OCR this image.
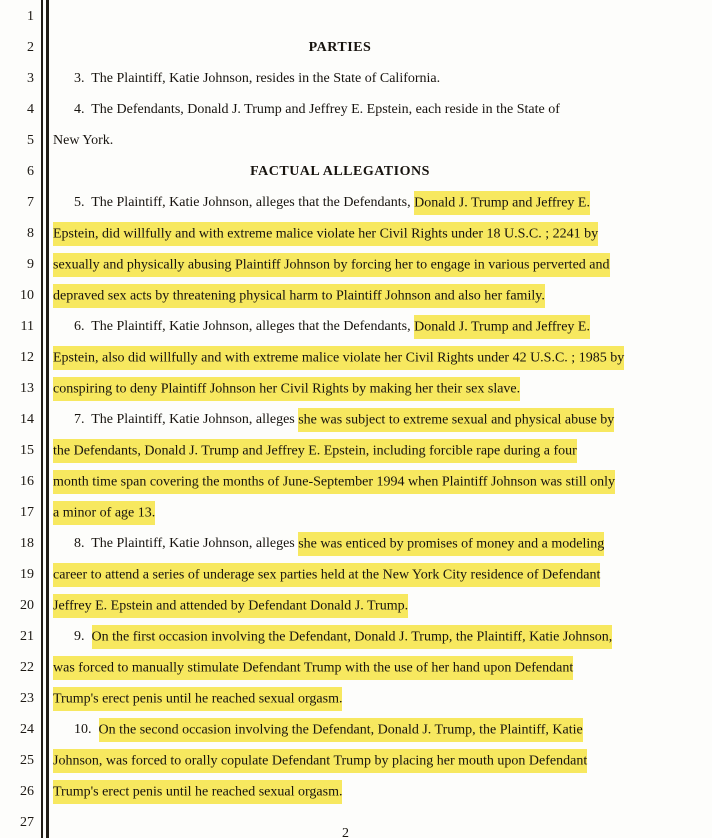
1
2	PARTIES
3	3.  The Plaintiff, Katie Johnson, resides in the State of California.
4	4.  The Defendants, Donald J. Trump and Jeffrey E. Epstein, each reside in the State of
5	New York.
6	FACTUAL ALLEGATIONS
7	5.  The Plaintiff, Katie Johnson, alleges that the Defendants, Donald J. Trump and Jeffrey E.
8	Epstein, did willfully and with extreme malice violate her Civil Rights under 18 U.S.C. ; 2241 by
9	sexually and physically abusing Plaintiff Johnson by forcing her to engage in various perverted and
10	depraved sex acts by threatening physical harm to Plaintiff Johnson and also her family.
11	6.  The Plaintiff, Katie Johnson, alleges that the Defendants, Donald J. Trump and Jeffrey E.
12	Epstein, also did willfully and with extreme malice violate her Civil Rights under 42 U.S.C. ; 1985 by
13	conspiring to deny Plaintiff Johnson her Civil Rights by making her their sex slave.
14	7.  The Plaintiff, Katie Johnson, alleges she was subject to extreme sexual and physical abuse by
15	the Defendants, Donald J. Trump and Jeffrey E. Epstein, including forcible rape during a four
16	month time span covering the months of June-September 1994 when Plaintiff Johnson was still only
17	a minor of age 13.
18	8.  The Plaintiff, Katie Johnson, alleges she was enticed by promises of money and a modeling
19	career to attend a series of underage sex parties held at the New York City residence of Defendant
20	Jeffrey E. Epstein and attended by Defendant Donald J. Trump.
21	9.  On the first occasion involving the Defendant, Donald J. Trump, the Plaintiff, Katie Johnson,
22	was forced to manually stimulate Defendant Trump with the use of her hand upon Defendant
23	Trump's erect penis until he reached sexual orgasm.
24	10.  On the second occasion involving the Defendant, Donald J. Trump, the Plaintiff, Katie
25	Johnson, was forced to orally copulate Defendant Trump by placing her mouth upon Defendant
26	Trump's erect penis until he reached sexual orgasm.
27
2
